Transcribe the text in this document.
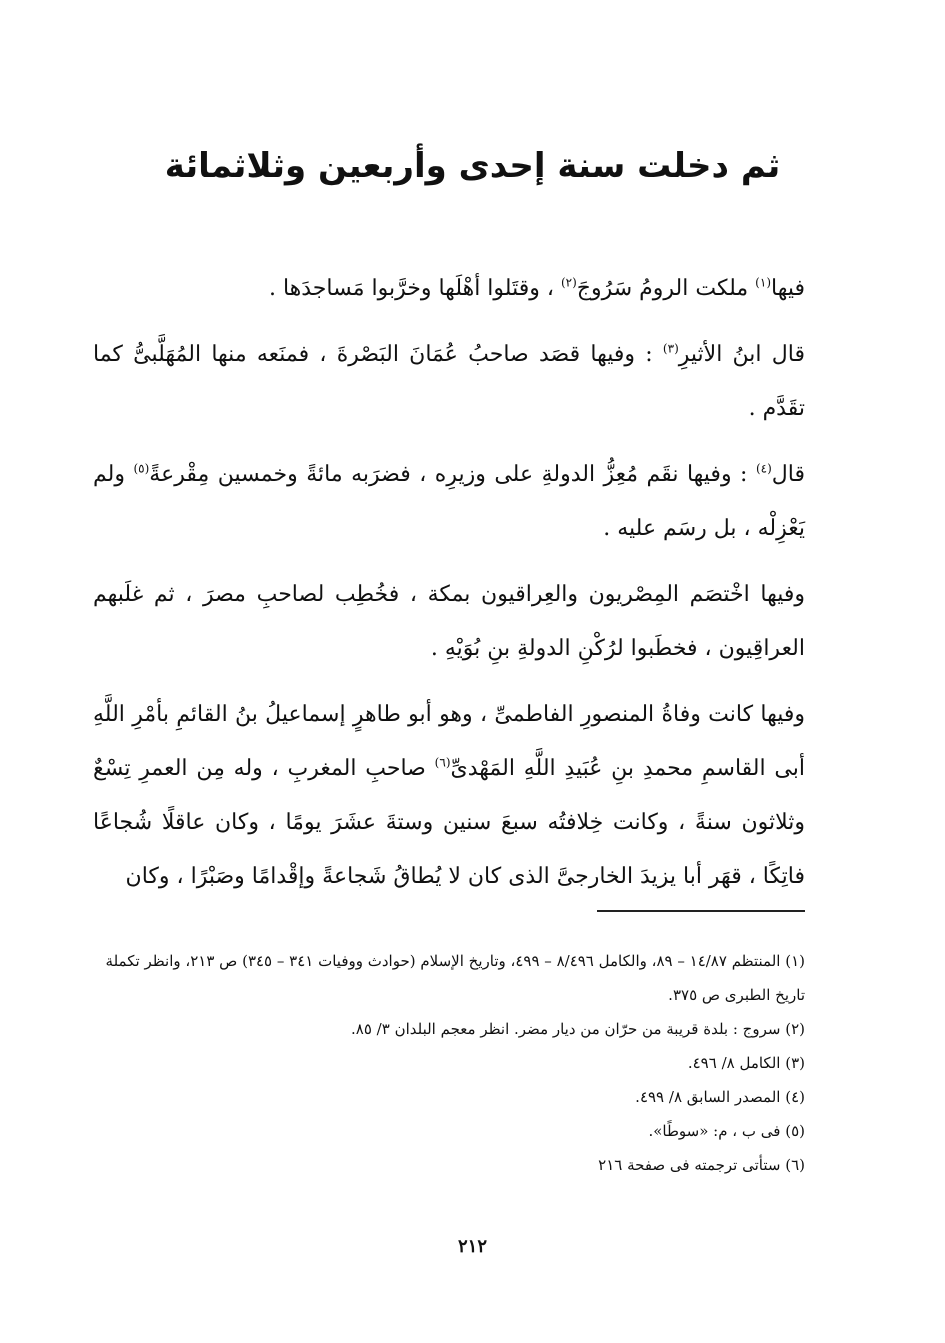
ثم دخلت سنة إحدى وأربعين وثلاثمائة

فيها$^{(١)}$ ملكت الرومُ سَرُوجَ$^{(٢)}$ ، وقتَلوا أهْلَها وخرَّبوا مَساجدَها .

قال ابنُ الأثيرِ$^{(٣)}$ : وفيها قصَد صاحبُ عُمَانَ البَصْرةَ ، فمنَعه منها المُهَلَّبىُّ كما تقَدَّم .

قال$^{(٤)}$ : وفيها نقَم مُعِزُّ الدولةِ على وزيرِه ، فضرَبه مائةً وخمسين مِقْرعةً$^{(٥)}$ ولم يَعْزِلْه ، بل رسَم عليه .

وفيها اخْتصَم المِصْريون والعِراقيون بمكة ، فخُطِب لصاحبِ مصرَ ، ثم غلَبهم العراقِيون ، فخطَبوا لرُكْنِ الدولةِ بنِ بُوَيْهِ .

وفيها كانت وفاةُ المنصورِ الفاطمىِّ ، وهو أبو طاهرٍ إسماعيلُ بنُ القائمِ بأمْرِ اللَّهِ أبى القاسمِ محمدِ بنِ عُبَيدِ اللَّهِ المَهْدىِّ$^{(٦)}$ صاحبِ المغربِ ، وله مِن العمرِ تِسْعٌ وثلاثون سنةً ، وكانت خِلافتُه سبعَ سنين وستةَ عشَرَ يومًا ، وكان عاقلًا شُجاعًا فاتِكًا ، قهَر أبا يزيدَ الخارجىَّ الذى كان لا يُطاقُ شَجاعةً وإقْدامًا وصَبْرًا ، وكان

(١) المنتظم ١٤/٨٧ – ٨٩، والكامل ٨/٤٩٦ – ٤٩٩، وتاريخ الإسلام (حوادث ووفيات ٣٤١ – ٣٤٥) ص ٢١٣، وانظر تكملة تاريخ الطبرى ص ٣٧٥.
(٢) سروج : بلدة قريبة من حرّان من ديار مضر. انظر معجم البلدان ٣/ ٨٥.
(٣) الكامل ٨/ ٤٩٦.
(٤) المصدر السابق ٨/ ٤٩٩.
(٥) فى ب ، م: «سوطًا».
(٦) ستأتى ترجمته فى صفحة ٢١٦
٢١٢
